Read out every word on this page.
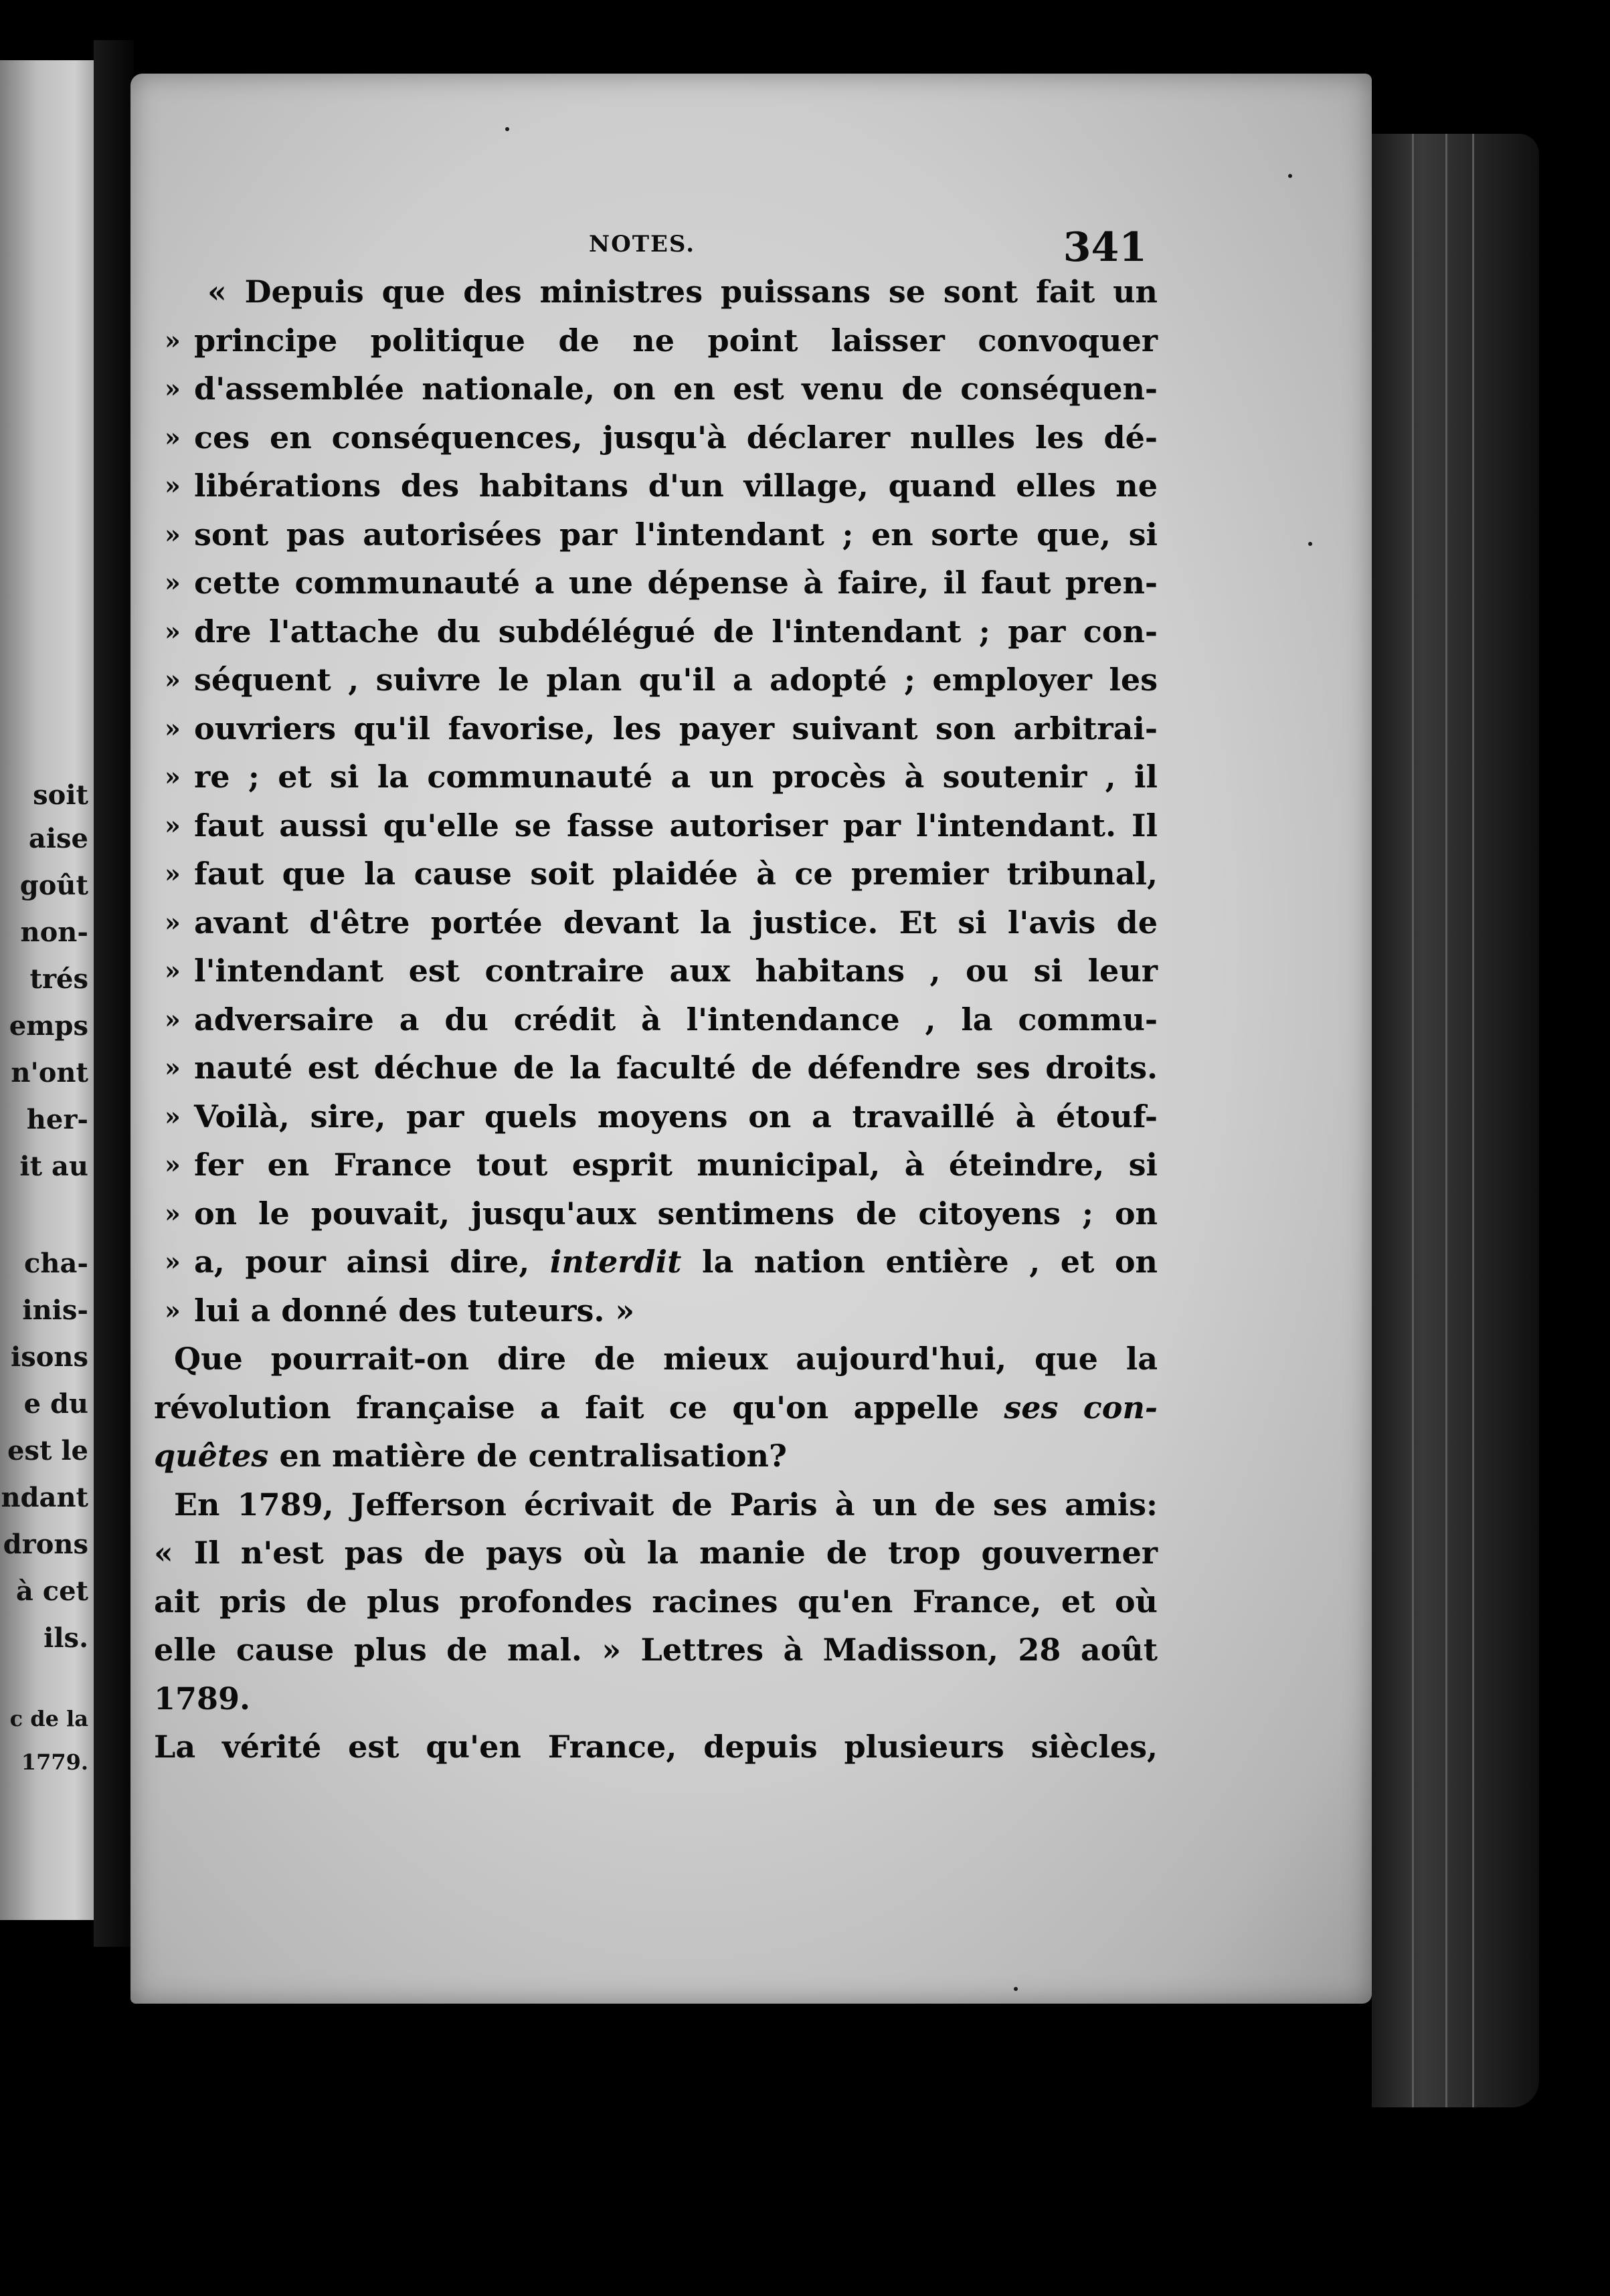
soit
aise
goût
non-
trés
emps
n'ont
her-
it au
cha-
inis-
isons
e du
est le
ndant
drons
à cet
ils.
c de la
1779.
NOTES.	341
« Depuis que des ministres puissans se sont fait un
» principe politique de ne point laisser convoquer
» d'assemblée nationale, on en est venu de conséquen-
» ces en conséquences, jusqu'à déclarer nulles les dé-
» libérations des habitans d'un village, quand elles ne
» sont pas autorisées par l'intendant ; en sorte que, si
» cette communauté a une dépense à faire, il faut pren-
» dre l'attache du subdélégué de l'intendant ; par con-
» séquent , suivre le plan qu'il a adopté ; employer les
» ouvriers qu'il favorise, les payer suivant son arbitrai-
» re ; et si la communauté a un procès à soutenir , il
» faut aussi qu'elle se fasse autoriser par l'intendant. Il
» faut que la cause soit plaidée à ce premier tribunal,
» avant d'être portée devant la justice. Et si l'avis de
» l'intendant est contraire aux habitans , ou si leur
» adversaire a du crédit à l'intendance , la commu-
» nauté est déchue de la faculté de défendre ses droits.
» Voilà, sire, par quels moyens on a travaillé à étouf-
» fer en France tout esprit municipal, à éteindre, si
» on le pouvait, jusqu'aux sentimens de citoyens ; on
» a, pour ainsi dire, interdit la nation entière , et on
» lui a donné des tuteurs. »
Que pourrait-on dire de mieux aujourd'hui, que la
révolution française a fait ce qu'on appelle ses con-
quêtes en matière de centralisation?
En 1789, Jefferson écrivait de Paris à un de ses amis:
« Il n'est pas de pays où la manie de trop gouverner
ait pris de plus profondes racines qu'en France, et où
elle cause plus de mal. » Lettres à Madisson, 28 août
1789.
La vérité est qu'en France, depuis plusieurs siècles,
